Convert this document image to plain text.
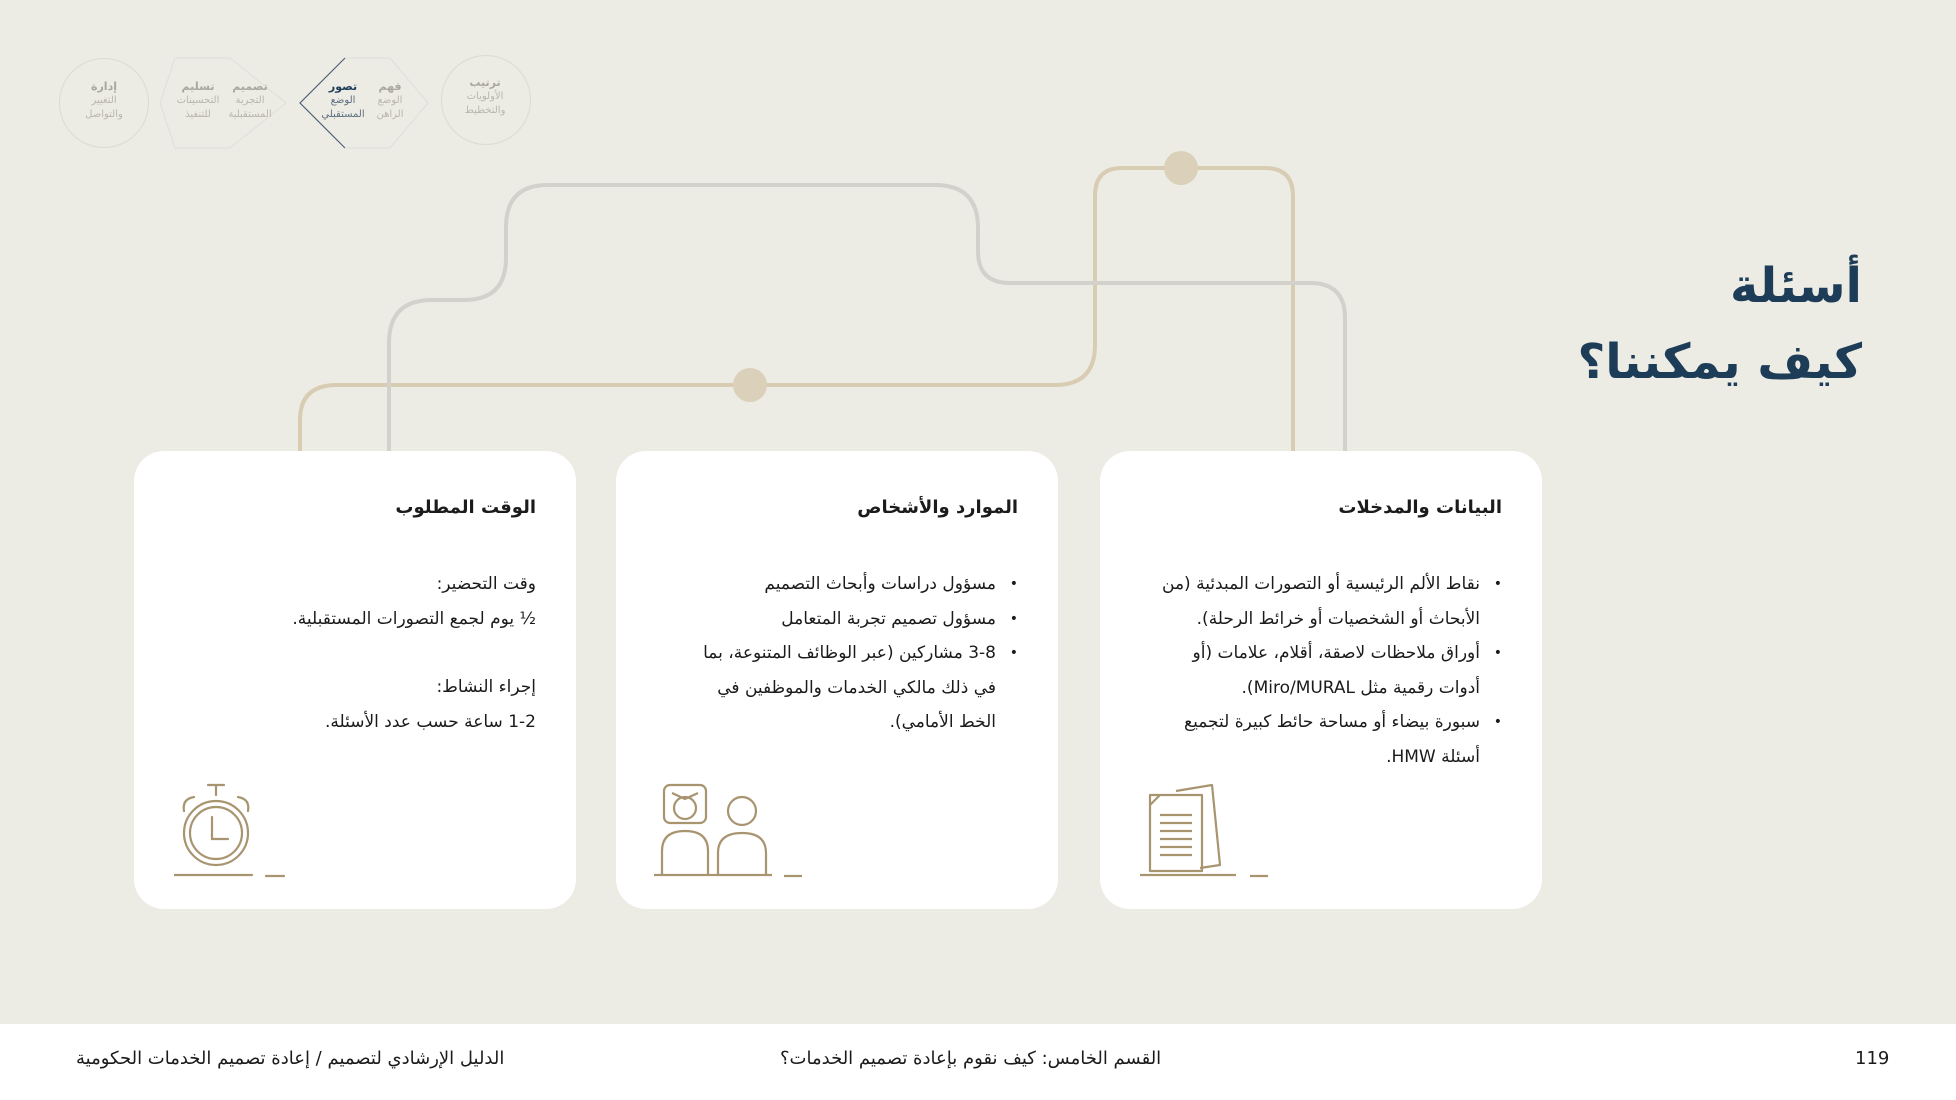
ترتيب
الأولويات
والتخطيط
فهم
الوضع
الراهن
تصور
الوضع
المستقبلي
تصميم
التجربة
المستقبلية
تسليم
التحسينات
للتنفيذ
إدارة
التغيير
والتواصل
أسئلة
كيف يمكننا؟
البيانات والمدخلات
• نقاط الألم الرئيسية أو التصورات المبدئية (من
الأبحاث أو الشخصيات أو خرائط الرحلة).
• أوراق ملاحظات لاصقة، أقلام، علامات (أو
أدوات رقمية مثل Miro/MURAL).
• سبورة بيضاء أو مساحة حائط كبيرة لتجميع
أسئلة HMW.
الموارد والأشخاص
• مسؤول دراسات وأبحاث التصميم
• مسؤول تصميم تجربة المتعامل
• 3-8 مشاركين (عبر الوظائف المتنوعة، بما
في ذلك مالكي الخدمات والموظفين في
الخط الأمامي).
الوقت المطلوب

وقت التحضير:

½ يوم لجمع التصورات المستقبلية.

إجراء النشاط:

1-2 ساعة حسب عدد الأسئلة.

119
القسم الخامس: كيف نقوم بإعادة تصميم الخدمات؟
الدليل الإرشادي لتصميم / إعادة تصميم الخدمات الحكومية
